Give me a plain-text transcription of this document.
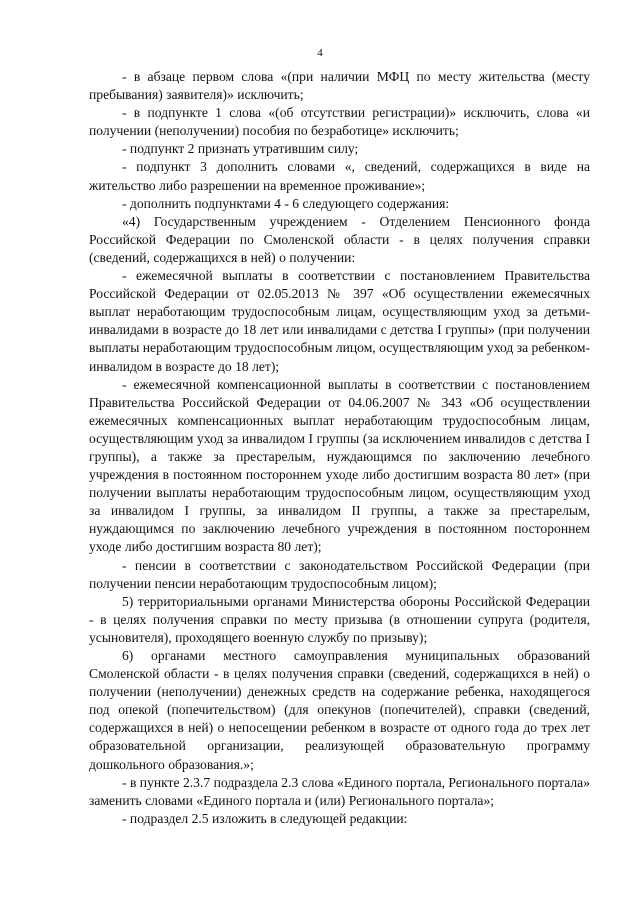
4

- в абзаце первом слова «(при наличии МФЦ по месту жительства (месту пребывания) заявителя)» исключить;

- в подпункте 1 слова «(об отсутствии регистрации)» исключить, слова «и получении (неполучении) пособия по безработице» исключить;

- подпункт 2 признать утратившим силу;

- подпункт 3 дополнить словами «, сведений, содержащихся в виде на жительство либо разрешении на временное проживание»;

- дополнить подпунктами 4 - 6 следующего содержания:

«4) Государственным учреждением - Отделением Пенсионного фонда Российской Федерации по Смоленской области - в целях получения справки (сведений, содержащихся в ней) о получении:

- ежемесячной выплаты в соответствии с постановлением Правительства Российской Федерации от 02.05.2013 № 397 «Об осуществлении ежемесячных выплат неработающим трудоспособным лицам, осуществляющим уход за детьми-инвалидами в возрасте до 18 лет или инвалидами с детства I группы» (при получении выплаты неработающим трудоспособным лицом, осуществляющим уход за ребенком-инвалидом в возрасте до 18 лет);

- ежемесячной компенсационной выплаты в соответствии с постановлением Правительства Российской Федерации от 04.06.2007 № 343 «Об осуществлении ежемесячных компенсационных выплат неработающим трудоспособным лицам, осуществляющим уход за инвалидом I группы (за исключением инвалидов с детства I группы), а также за престарелым, нуждающимся по заключению лечебного учреждения в постоянном постороннем уходе либо достигшим возраста 80 лет» (при получении выплаты неработающим трудоспособным лицом, осуществляющим уход за инвалидом I группы, за инвалидом II группы, а также за престарелым, нуждающимся по заключению лечебного учреждения в постоянном постороннем уходе либо достигшим возраста 80 лет);

- пенсии в соответствии с законодательством Российской Федерации (при получении пенсии неработающим трудоспособным лицом);

5) территориальными органами Министерства обороны Российской Федерации - в целях получения справки по месту призыва (в отношении супруга (родителя, усыновителя), проходящего военную службу по призыву);

6) органами местного самоуправления муниципальных образований Смоленской области - в целях получения справки (сведений, содержащихся в ней) о получении (неполучении) денежных средств на содержание ребенка, находящегося под опекой (попечительством) (для опекунов (попечителей), справки (сведений, содержащихся в ней) о непосещении ребенком в возрасте от одного года до трех лет образовательной организации, реализующей образовательную программу дошкольного образования.»;

- в пункте 2.3.7 подраздела 2.3 слова «Единого портала, Регионального портала» заменить словами «Единого портала и (или) Регионального портала»;

- подраздел 2.5 изложить в следующей редакции:
